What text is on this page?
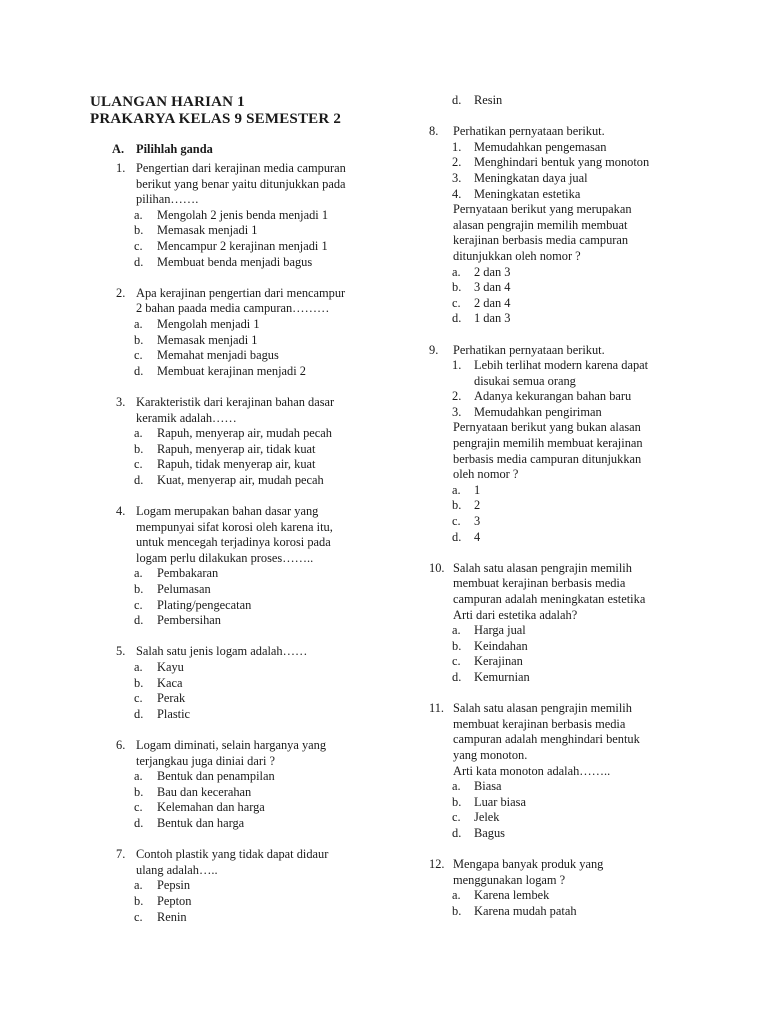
ULANGAN HARIAN 1
PRAKARYA KELAS 9 SEMESTER 2
A. Pilihlah ganda
1. Pengertian dari kerajinan media campuran
berikut yang benar yaitu ditunjukkan pada
pilihan…….
a. Mengolah 2 jenis benda menjadi 1
b. Memasak menjadi 1
c. Mencampur 2 kerajinan menjadi 1
d. Membuat benda menjadi bagus
2. Apa kerajinan pengertian dari mencampur
2 bahan paada media campuran………
a. Mengolah menjadi 1
b. Memasak menjadi 1
c. Memahat menjadi bagus
d. Membuat kerajinan menjadi 2
3. Karakteristik dari kerajinan bahan dasar
keramik adalah……
a. Rapuh, menyerap air, mudah pecah
b. Rapuh, menyerap air, tidak kuat
c. Rapuh, tidak menyerap air, kuat
d. Kuat, menyerap air, mudah pecah
4. Logam merupakan bahan dasar yang
mempunyai sifat korosi oleh karena itu,
untuk mencegah terjadinya korosi pada
logam perlu dilakukan proses……..
a. Pembakaran
b. Pelumasan
c. Plating/pengecatan
d. Pembersihan
5. Salah satu jenis logam adalah……
a. Kayu
b. Kaca
c. Perak
d. Plastic
6. Logam diminati, selain harganya yang
terjangkau juga diniai dari ?
a. Bentuk dan penampilan
b. Bau dan kecerahan
c. Kelemahan dan harga
d. Bentuk dan harga
7. Contoh plastik yang tidak dapat didaur
ulang adalah…..
a. Pepsin
b. Pepton
c. Renin
d. Resin
8. Perhatikan pernyataan berikut.
1. Memudahkan pengemasan
2. Menghindari bentuk yang monoton
3. Meningkatan daya jual
4. Meningkatan estetika
Pernyataan berikut yang merupakan
alasan pengrajin memilih membuat
kerajinan berbasis media campuran
ditunjukkan oleh nomor ?
a. 2 dan 3
b. 3 dan 4
c. 2 dan 4
d. 1 dan 3
9. Perhatikan pernyataan berikut.
1. Lebih terlihat modern karena dapat
disukai semua orang
2. Adanya kekurangan bahan baru
3. Memudahkan pengiriman
Pernyataan berikut yang bukan alasan
pengrajin memilih membuat kerajinan
berbasis media campuran ditunjukkan
oleh nomor ?
a. 1
b. 2
c. 3
d. 4
10. Salah satu alasan pengrajin memilih
membuat kerajinan berbasis media
campuran adalah meningkatan estetika
Arti dari estetika adalah?
a. Harga jual
b. Keindahan
c. Kerajinan
d. Kemurnian
11. Salah satu alasan pengrajin memilih
membuat kerajinan berbasis media
campuran adalah menghindari bentuk
yang monoton.
Arti kata monoton adalah……..
a. Biasa
b. Luar biasa
c. Jelek
d. Bagus
12. Mengapa banyak produk yang
menggunakan logam ?
a. Karena lembek
b. Karena mudah patah
